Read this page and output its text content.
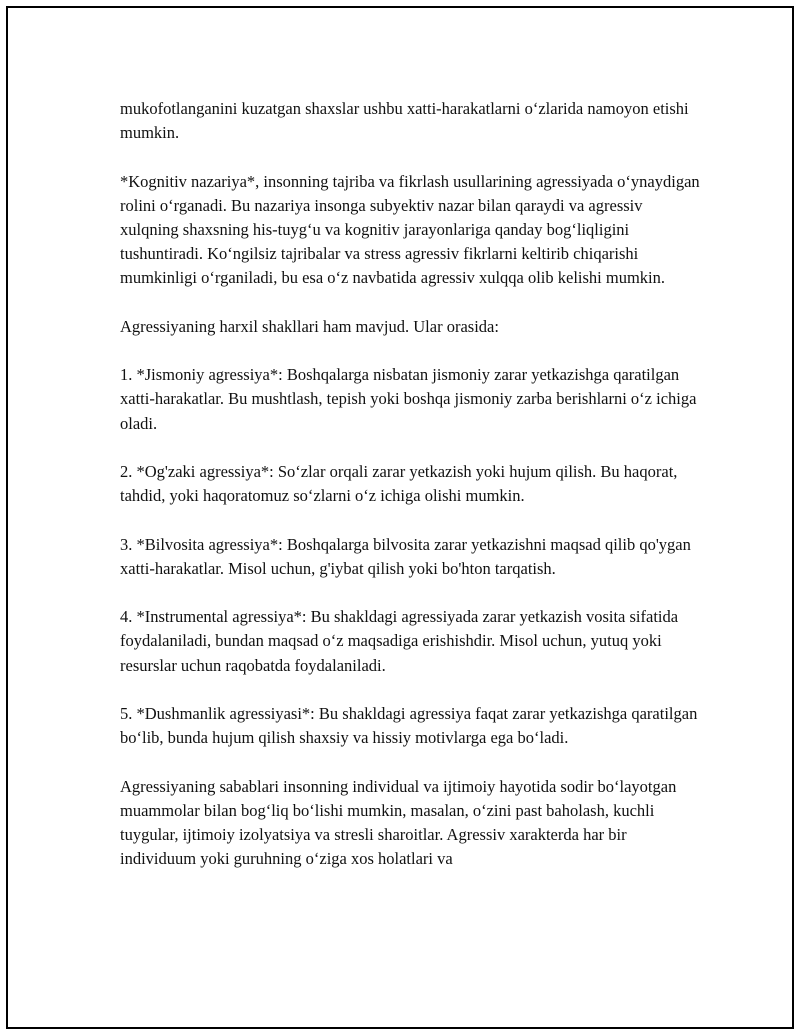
mukofotlanganini kuzatgan shaxslar ushbu xatti-harakatlarni o‘zlarida namoyon etishi mumkin.

*Kognitiv nazariya*, insonning tajriba va fikrlash usullarining agressiyada o‘ynaydigan rolini o‘rganadi. Bu nazariya insonga subyektiv nazar bilan qaraydi va agressiv xulqning shaxsning his-tuyg‘u va kognitiv jarayonlariga qanday bog‘liqligini tushuntiradi. Ko‘ngilsiz tajribalar va stress agressiv fikrlarni keltirib chiqarishi mumkinligi o‘rganiladi, bu esa o‘z navbatida agressiv xulqqa olib kelishi mumkin.

Agressiyaning harxil shakllari ham mavjud. Ular orasida:

1. *Jismoniy agressiya*: Boshqalarga nisbatan jismoniy zarar yetkazishga qaratilgan xatti-harakatlar. Bu mushtlash, tepish yoki boshqa jismoniy zarba berishlarni o‘z ichiga oladi.

2. *Og'zaki agressiya*: So‘zlar orqali zarar yetkazish yoki hujum qilish. Bu haqorat, tahdid, yoki haqoratomuz so‘zlarni o‘z ichiga olishi mumkin.

3. *Bilvosita agressiya*: Boshqalarga bilvosita zarar yetkazishni maqsad qilib qo'ygan xatti-harakatlar. Misol uchun, g'iybat qilish yoki bo'hton tarqatish.

4. *Instrumental agressiya*: Bu shakldagi agressiyada zarar yetkazish vosita sifatida foydalaniladi, bundan maqsad o‘z maqsadiga erishishdir. Misol uchun, yutuq yoki resurslar uchun raqobatda foydalaniladi.

5. *Dushmanlik agressiyasi*: Bu shakldagi agressiya faqat zarar yetkazishga qaratilgan bo‘lib, bunda hujum qilish shaxsiy va hissiy motivlarga ega bo‘ladi.

Agressiyaning sabablari insonning individual va ijtimoiy hayotida sodir bo‘layotgan muammolar bilan bog‘liq bo‘lishi mumkin, masalan, o‘zini past baholash, kuchli tuygular, ijtimoiy izolyatsiya va stresli sharoitlar. Agressiv xarakterda har bir individuum yoki guruhning o‘ziga xos holatlari va
